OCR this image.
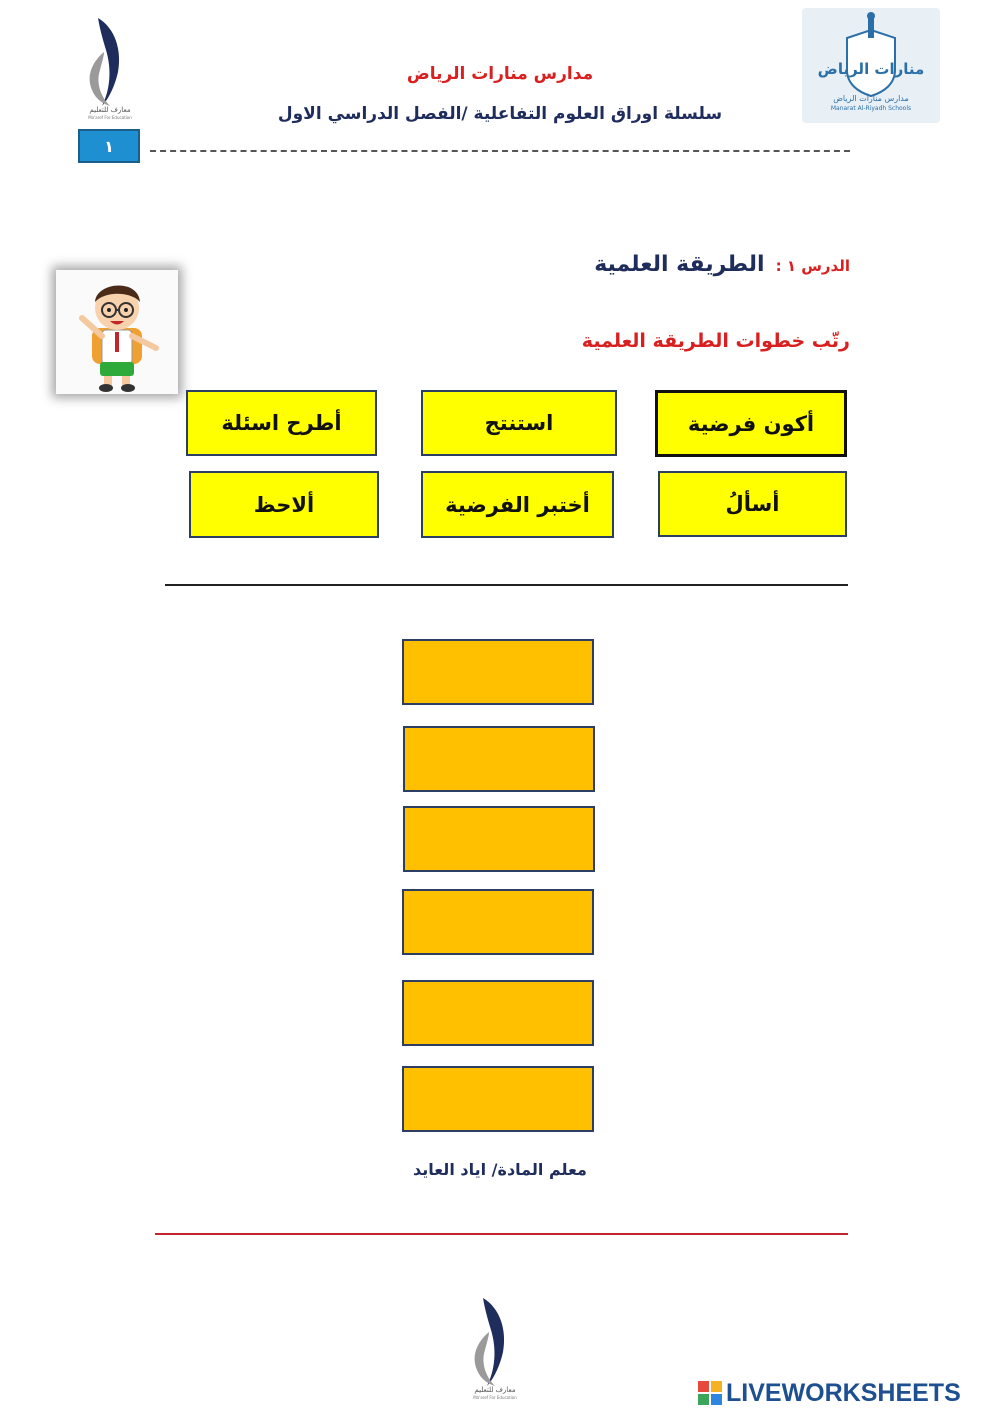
معارف للتعليم
Ma'aref For Education
مدارس منارات الرياض
سلسلة اوراق العلوم التفاعلية /الفصل الدراسي الاول
منارات الرياض
مدارس منارات الرياض
Manarat Al-Riyadh Schools
١
الدرس ١ : الطريقة العلمية
رتّب خطوات الطريقة العلمية
أكون فرضية
استنتج
أطرح اسئلة
أسألُ
أختبر الفرضية
ألاحظ
معلم المادة/ اياد العايد
معارف للتعليم
Ma'aref For Education	LIVEWORKSHEETS
